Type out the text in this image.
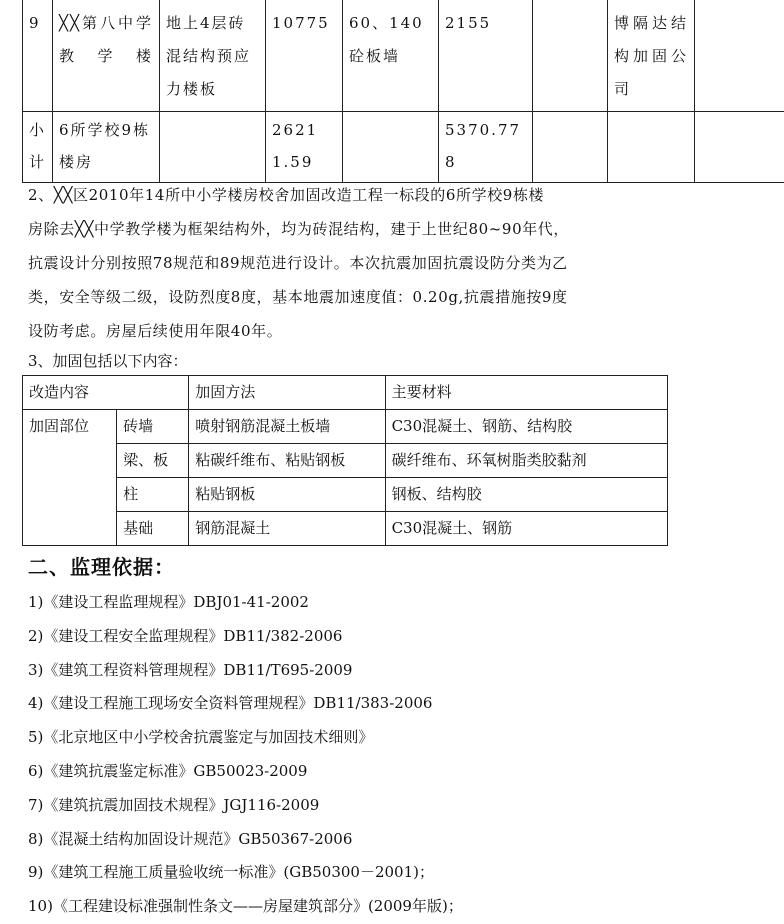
9	╳╳第八中学教学楼	地上4层砖混结构预应力楼板	10775	60、140砼板墙	2155		博隔达结构加固公司	
小计	6所学校9栋楼房		26211.59		5370.778			

2、╳╳区2010年14所中小学楼房校舍加固改造工程一标段的6所学校9栋楼

房除去╳╳中学教学楼为框架结构外，均为砖混结构，建于上世纪80~90年代，

抗震设计分别按照78规范和89规范进行设计。本次抗震加固抗震设防分类为乙

类，安全等级二级，设防烈度8度，基本地震加速度值：0.20g,抗震措施按9度

设防考虑。房屋后续使用年限40年。

3、加固包括以下内容：
改造内容		加固方法	主要材料
加固部位	砖墙	喷射钢筋混凝土板墙	C30混凝土、钢筋、结构胶
	梁、板	粘碳纤维布、粘贴钢板	碳纤维布、环氧树脂类胶黏剂
	柱	粘贴钢板	钢板、结构胶
	基础	钢筋混凝土	C30混凝土、钢筋
二、监理依据：
1)《建设工程监理规程》DBJ01-41-2002
2)《建设工程安全监理规程》DB11/382-2006
3)《建筑工程资料管理规程》DB11/T695-2009
4)《建设工程施工现场安全资料管理规程》DB11/383-2006
5)《北京地区中小学校舍抗震鉴定与加固技术细则》
6)《建筑抗震鉴定标准》GB50023-2009
7)《建筑抗震加固技术规程》JGJ116-2009
8)《混凝土结构加固设计规范》GB50367-2006
9)《建筑工程施工质量验收统一标准》(GB50300－2001)；
10)《工程建设标准强制性条文——房屋建筑部分》(2009年版)；
